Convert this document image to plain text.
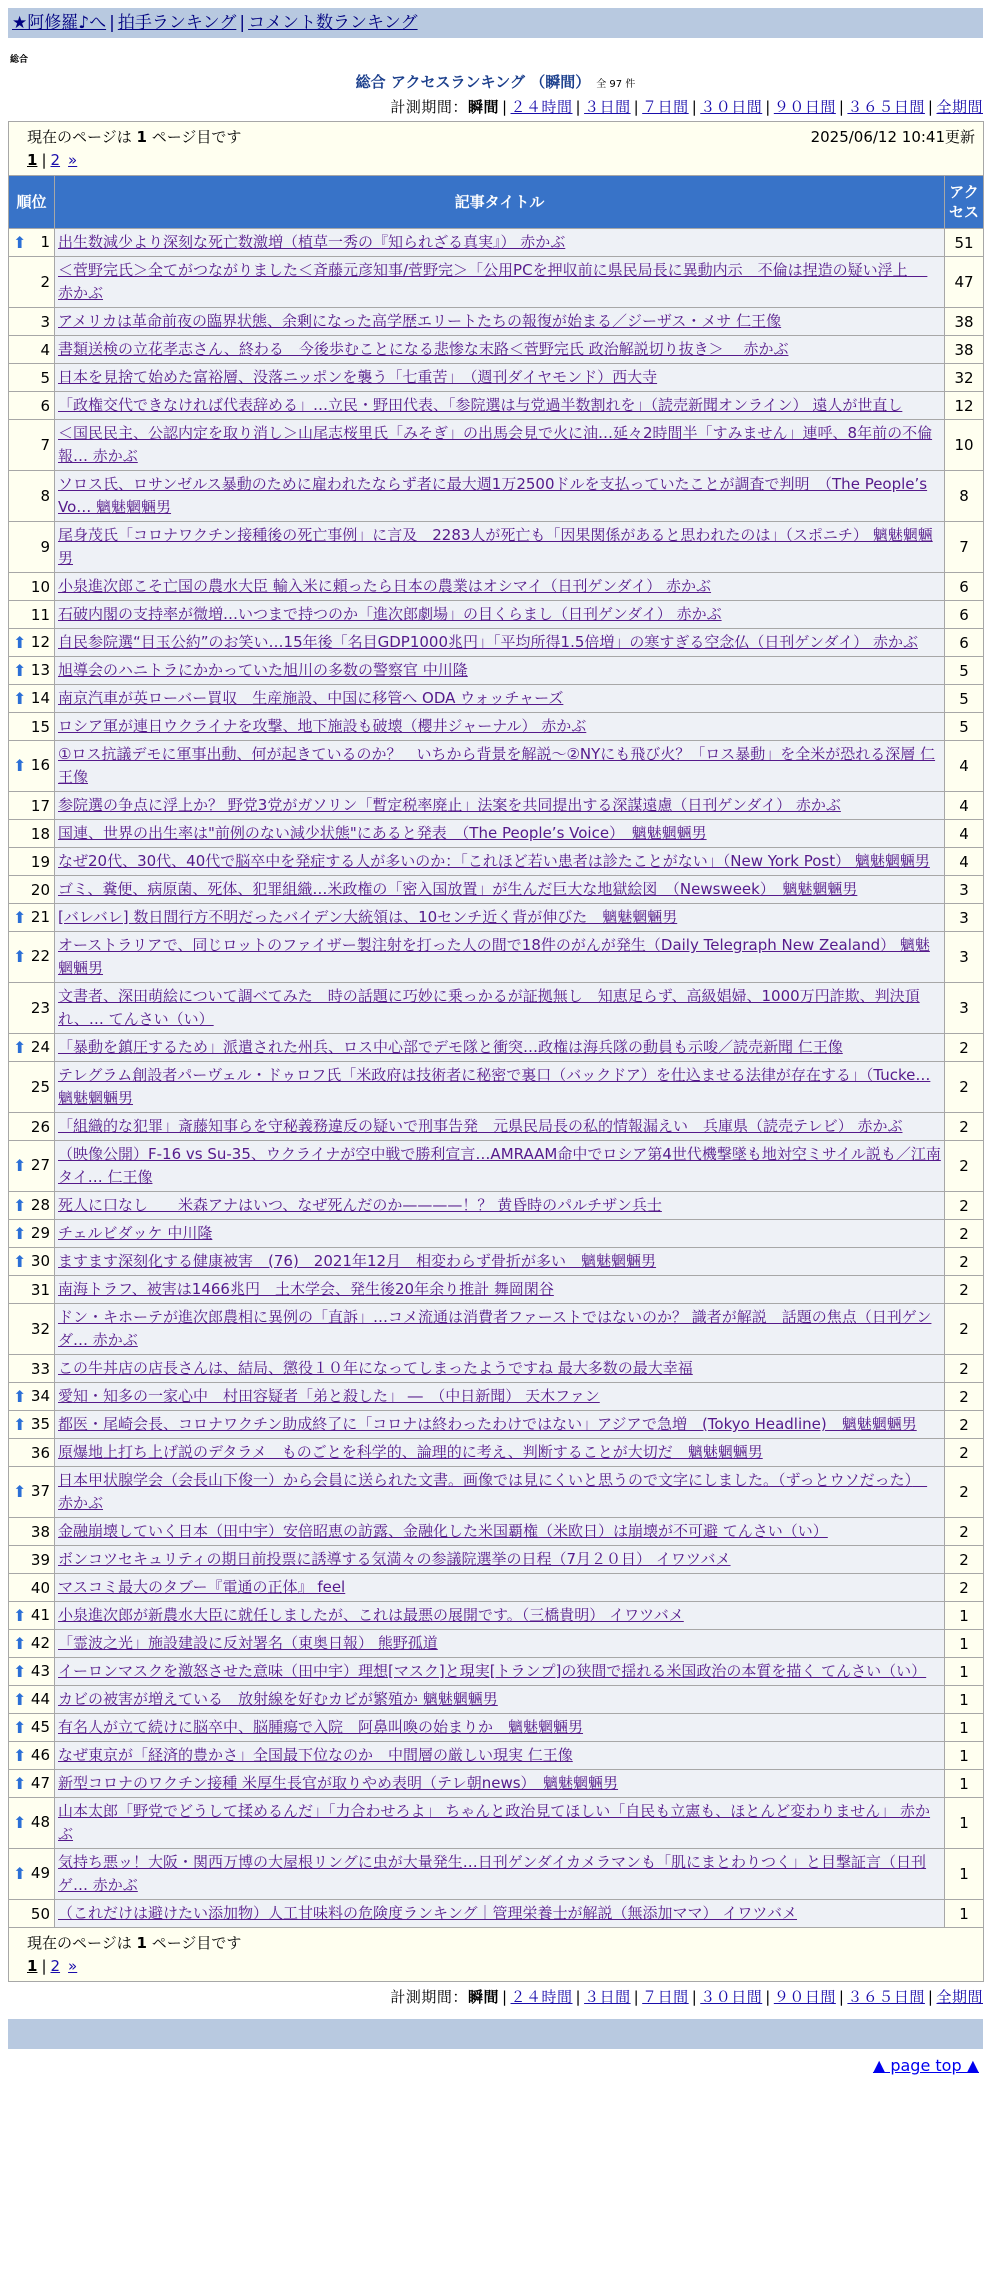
★阿修羅♪へ | 拍手ランキング | コメント数ランキング
総合
総合 アクセスランキング （瞬間） 全 97 件
計測期間：瞬間 | ２４時間 | ３日間 | ７日間 | ３０日間 | ９０日間 | ３６５日間 | 全期間
現在のページは 1 ページ目です 2025/06/12 10:41更新
1 | 2 »		

順位	記事タイトル	アクセス

⬆ 1	出生数減少より深刻な死亡数激増（植草一秀の『知られざる真実』） 赤かぶ	51
2	＜菅野完氏＞全てがつながりました＜斉藤元彦知事/菅野完＞「公用PCを押収前に県民局長に異動内示　不倫は捏造の疑い浮上　 赤かぶ	47
3	アメリカは革命前夜の臨界状態、余剰になった高学歴エリートたちの報復が始まる／ジーザス・メサ 仁王像	38
4	書類送検の立花孝志さん、終わる　今後歩むことになる悲惨な末路＜菅野完氏 政治解説切り抜き＞　 赤かぶ	38
5	日本を見捨て始めた富裕層、没落ニッポンを襲う「七重苦」　（週刊ダイヤモンド）西大寺	32
6	「政権交代できなければ代表辞める」…立民・野田代表、「参院選は与党過半数割れを」（読売新聞オンライン） 遠人が世直し	12
7	＜国民民主、公認内定を取り消し＞山尾志桜里氏「みそぎ」の出馬会見で火に油…延々2時間半「すみません」連呼、8年前の不倫報… 赤かぶ	10
8	ソロス氏、ロサンゼルス暴動のために雇われたならず者に最大週1万2500ドルを支払っていたことが調査で判明　（The People’s Vo… 魑魅魍魎男	8
9	尾身茂氏「コロナワクチン接種後の死亡事例」に言及　2283人が死亡も「因果関係があると思われたのは」（スポニチ） 魑魅魍魎男	7
10	小泉進次郎こそ亡国の農水大臣 輸入米に頼ったら日本の農業はオシマイ（日刊ゲンダイ） 赤かぶ	6
11	石破内閣の支持率が微増…いつまで持つのか「進次郎劇場」の目くらまし（日刊ゲンダイ） 赤かぶ	6

⬆ 12	自民参院選“目玉公約”のお笑い…15年後「名目GDP1000兆円」「平均所得1.5倍増」の寒すぎる空念仏（日刊ゲンダイ） 赤かぶ	6

⬆ 13	旭導会のハニトラにかかっていた旭川の多数の警察官 中川隆	5

⬆ 14	南京汽車が英ローバー買収　生産施設、中国に移管へ ODA ウォッチャーズ	5
15	ロシア軍が連日ウクライナを攻撃、地下施設も破壊（櫻井ジャーナル） 赤かぶ	5

⬆ 16	①ロス抗議デモに軍事出動、何が起きているのか？　いちから背景を解説〜②NYにも飛び火？「ロス暴動」を全米が恐れる深層 仁王像	4
17	参院選の争点に浮上か？ 野党3党がガソリン「暫定税率廃止」法案を共同提出する深謀遠慮（日刊ゲンダイ） 赤かぶ	4
18	国連、世界の出生率は"前例のない減少状態"にあると発表　（The People’s Voice）　魑魅魍魎男	4
19	なぜ20代、30代、40代で脳卒中を発症する人が多いのか：「これほど若い患者は診たことがない」（New York Post） 魑魅魍魎男	4
20	ゴミ、糞便、病原菌、死体、犯罪組織…米政権の「密入国放置」が生んだ巨大な地獄絵図　（Newsweek）　魑魅魍魎男	3

⬆ 21	[バレバレ] 数日間行方不明だったバイデン大統領は、10センチ近く背が伸びた　魑魅魍魎男	3

⬆ 22	オーストラリアで、同じロットのファイザー製注射を打った人の間で18件のがんが発生（Daily Telegraph New Zealand） 魑魅魍魎男	3
23	文書者、深田萌絵について調べてみた　時の話題に巧妙に乗っかるが証拠無し　知恵足らず、高級娼婦、1000万円詐欺、判決頂れ、… てんさい（い）	3

⬆ 24	「暴動を鎮圧するため」派遣された州兵、ロス中心部でデモ隊と衝突…政権は海兵隊の動員も示唆／読売新聞 仁王像	2
25	テレグラム創設者パーヴェル・ドゥロフ氏「米政府は技術者に秘密で裏口（バックドア）を仕込ませる法律が存在する」（Tucke… 魑魅魍魎男	2
26	「組織的な犯罪」斎藤知事らを守秘義務違反の疑いで刑事告発　元県民局長の私的情報漏えい　兵庫県（読売テレビ） 赤かぶ	2

⬆ 27	（映像公開）F-16 vs Su-35、ウクライナが空中戦で勝利宣言…AMRAAM命中でロシア第4世代機撃墜も地対空ミサイル説も／江南タイ… 仁王像	2

⬆ 28	死人に口なし　　米森アナはいつ、なぜ死んだのか————！？ 黄昏時のパルチザン兵士	2

⬆ 29	チェルビダッケ 中川隆	2

⬆ 30	ますます深刻化する健康被害　(76)　2021年12月　相変わらず骨折が多い　魑魅魍魎男	2
31	南海トラフ、被害は1466兆円　土木学会、発生後20年余り推計 舞岡閑谷	2
32	ドン・キホーテが進次郎農相に異例の「直訴」…コメ流通は消費者ファーストではないのか？ 識者が解説　話題の焦点（日刊ゲンダ… 赤かぶ	2
33	この牛丼店の店長さんは、結局、懲役１０年になってしまったようですね 最大多数の最大幸福	2

⬆ 34	愛知・知多の一家心中　村田容疑者「弟と殺した」 ―　（中日新聞） 天木ファン	2

⬆ 35	都医・尾崎会長、コロナワクチン助成終了に「コロナは終わったわけではない」アジアで急増　(Tokyo Headline)　魑魅魍魎男	2
36	原爆地上打ち上げ説のデタラメ　ものごとを科学的、論理的に考え、判断することが大切だ　魑魅魍魎男	2

⬆ 37	日本甲状腺学会（会長山下俊一）から会員に送られた文書。画像では見にくいと思うので文字にしました。（ずっとウソだった）　赤かぶ	2
38	金融崩壊していく日本（田中宇）安倍昭恵の訪露、金融化した米国覇権（米欧日）は崩壊が不可避 てんさい（い）	2
39	ボンコツセキュリティの期日前投票に誘導する気満々の参議院選挙の日程（7月２０日） イワツバメ	2
40	マスコミ最大のタブー『電通の正体』 feel	2

⬆ 41	小泉進次郎が新農水大臣に就任しましたが、これは最悪の展開です。（三橋貴明） イワツバメ	1

⬆ 42	「霊波之光」施設建設に反対署名（東奥日報） 熊野孤道	1

⬆ 43	イーロンマスクを激怒させた意味（田中宇）理想[マスク]と現実[トランプ]の狭間で揺れる米国政治の本質を描く てんさい（い）	1

⬆ 44	カビの被害が増えている　放射線を好むカビが繁殖か 魑魅魍魎男	1

⬆ 45	有名人が立て続けに脳卒中、脳腫瘍で入院　阿鼻叫喚の始まりか　魑魅魍魎男	1

⬆ 46	なぜ東京が「経済的豊かさ」全国最下位なのか　中間層の厳しい現実 仁王像	1

⬆ 47	新型コロナのワクチン接種 米厚生長官が取りやめ表明（テレ朝news）　魑魅魍魎男	1

⬆ 48	山本太郎「野党でどうして揉めるんだ」「力合わせろよ」 ちゃんと政治見てほしい「自民も立憲も、ほとんど変わりません」 赤かぶ	1

⬆ 49	気持ち悪ッ！大阪・関西万博の大屋根リングに虫が大量発生…日刊ゲンダイカメラマンも「肌にまとわりつく」と目撃証言（日刊ゲ… 赤かぶ	1
50	（これだけは避けたい添加物）人工甘味料の危険度ランキング｜管理栄養士が解説（無添加ママ） イワツバメ	1

現在のページは 1 ページ目です
1 | 2 »		
計測期間：瞬間 | ２４時間 | ３日間 | ７日間 | ３０日間 | ９０日間 | ３６５日間 | 全期間
▲ page top ▲
